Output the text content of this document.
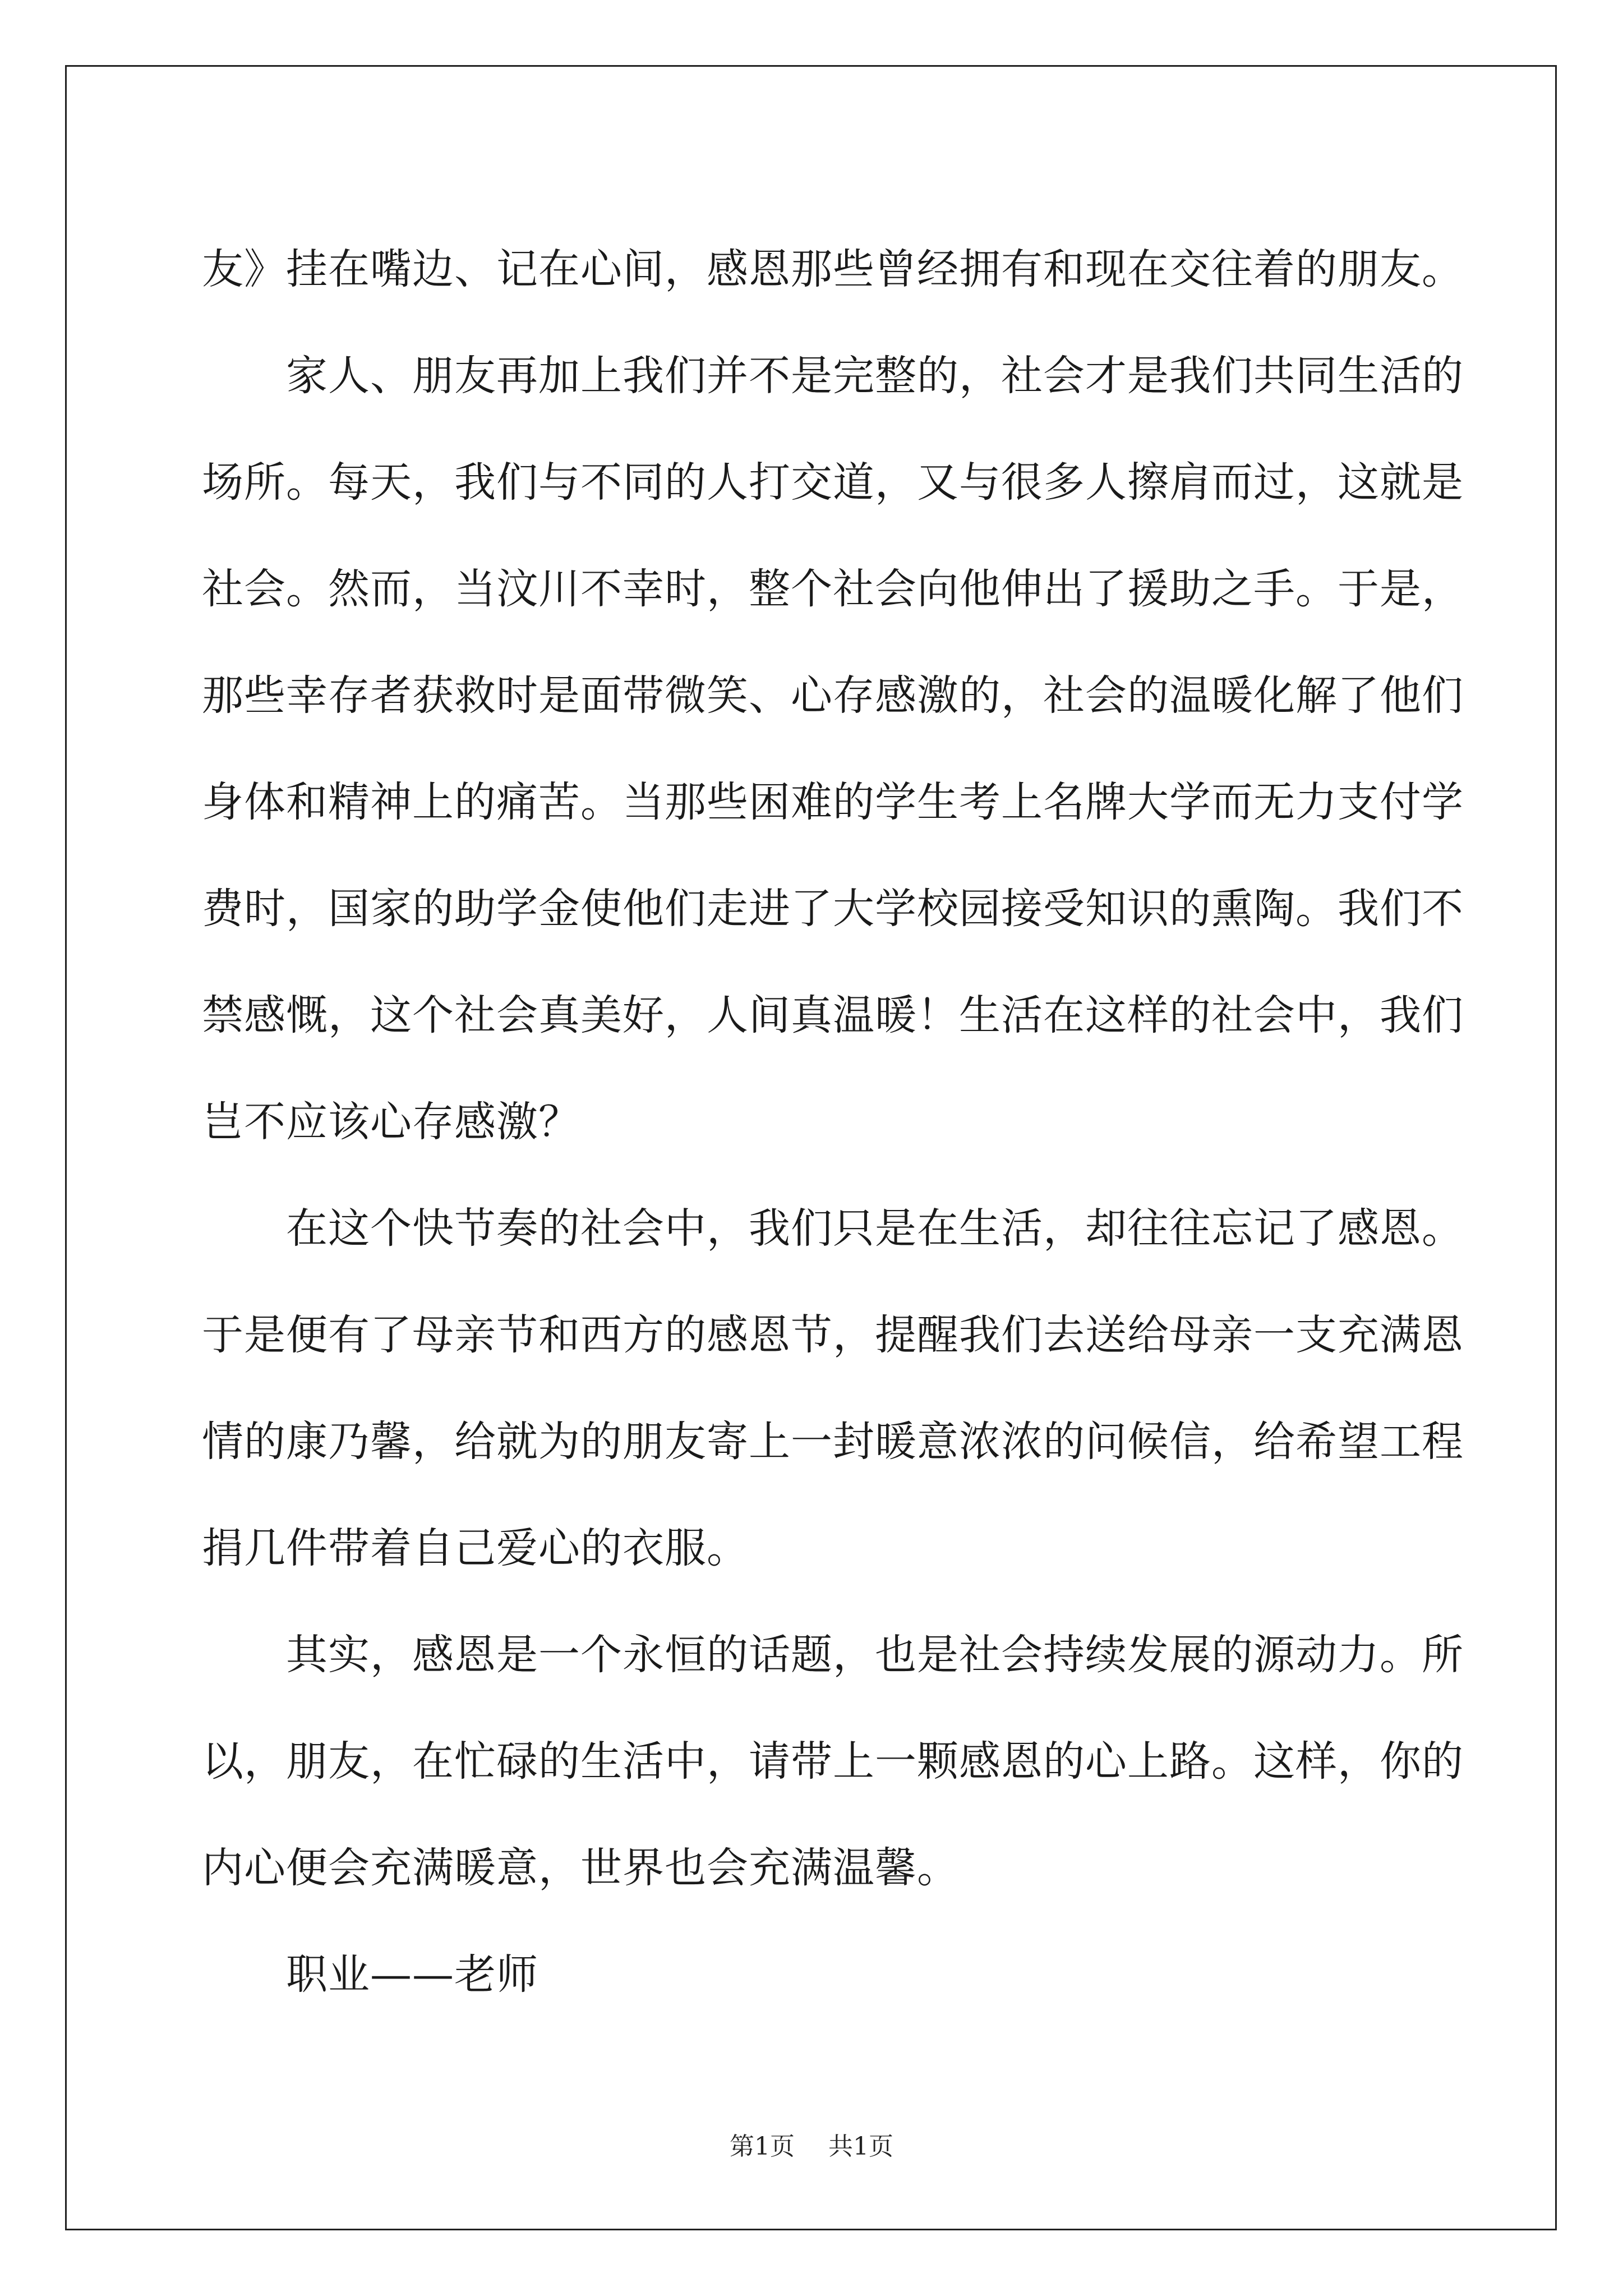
友》挂在嘴边、记在心间，感恩那些曾经拥有和现在交往着的朋友。
家人、朋友再加上我们并不是完整的，社会才是我们共同生活的
场所。每天，我们与不同的人打交道，又与很多人擦肩而过，这就是
社会。然而，当汶川不幸时，整个社会向他伸出了援助之手。于是，
那些幸存者获救时是面带微笑、心存感激的，社会的温暖化解了他们
身体和精神上的痛苦。当那些困难的学生考上名牌大学而无力支付学
费时，国家的助学金使他们走进了大学校园接受知识的熏陶。我们不
禁感慨，这个社会真美好，人间真温暖！生活在这样的社会中，我们
岂不应该心存感激？
在这个快节奏的社会中，我们只是在生活，却往往忘记了感恩。
于是便有了母亲节和西方的感恩节，提醒我们去送给母亲一支充满恩
情的康乃馨，给就为的朋友寄上一封暖意浓浓的问候信，给希望工程
捐几件带着自己爱心的衣服。
其实，感恩是一个永恒的话题，也是社会持续发展的源动力。所
以，朋友，在忙碌的生活中，请带上一颗感恩的心上路。这样，你的
内心便会充满暖意，世界也会充满温馨。
职业——老师
第1页 共1页
